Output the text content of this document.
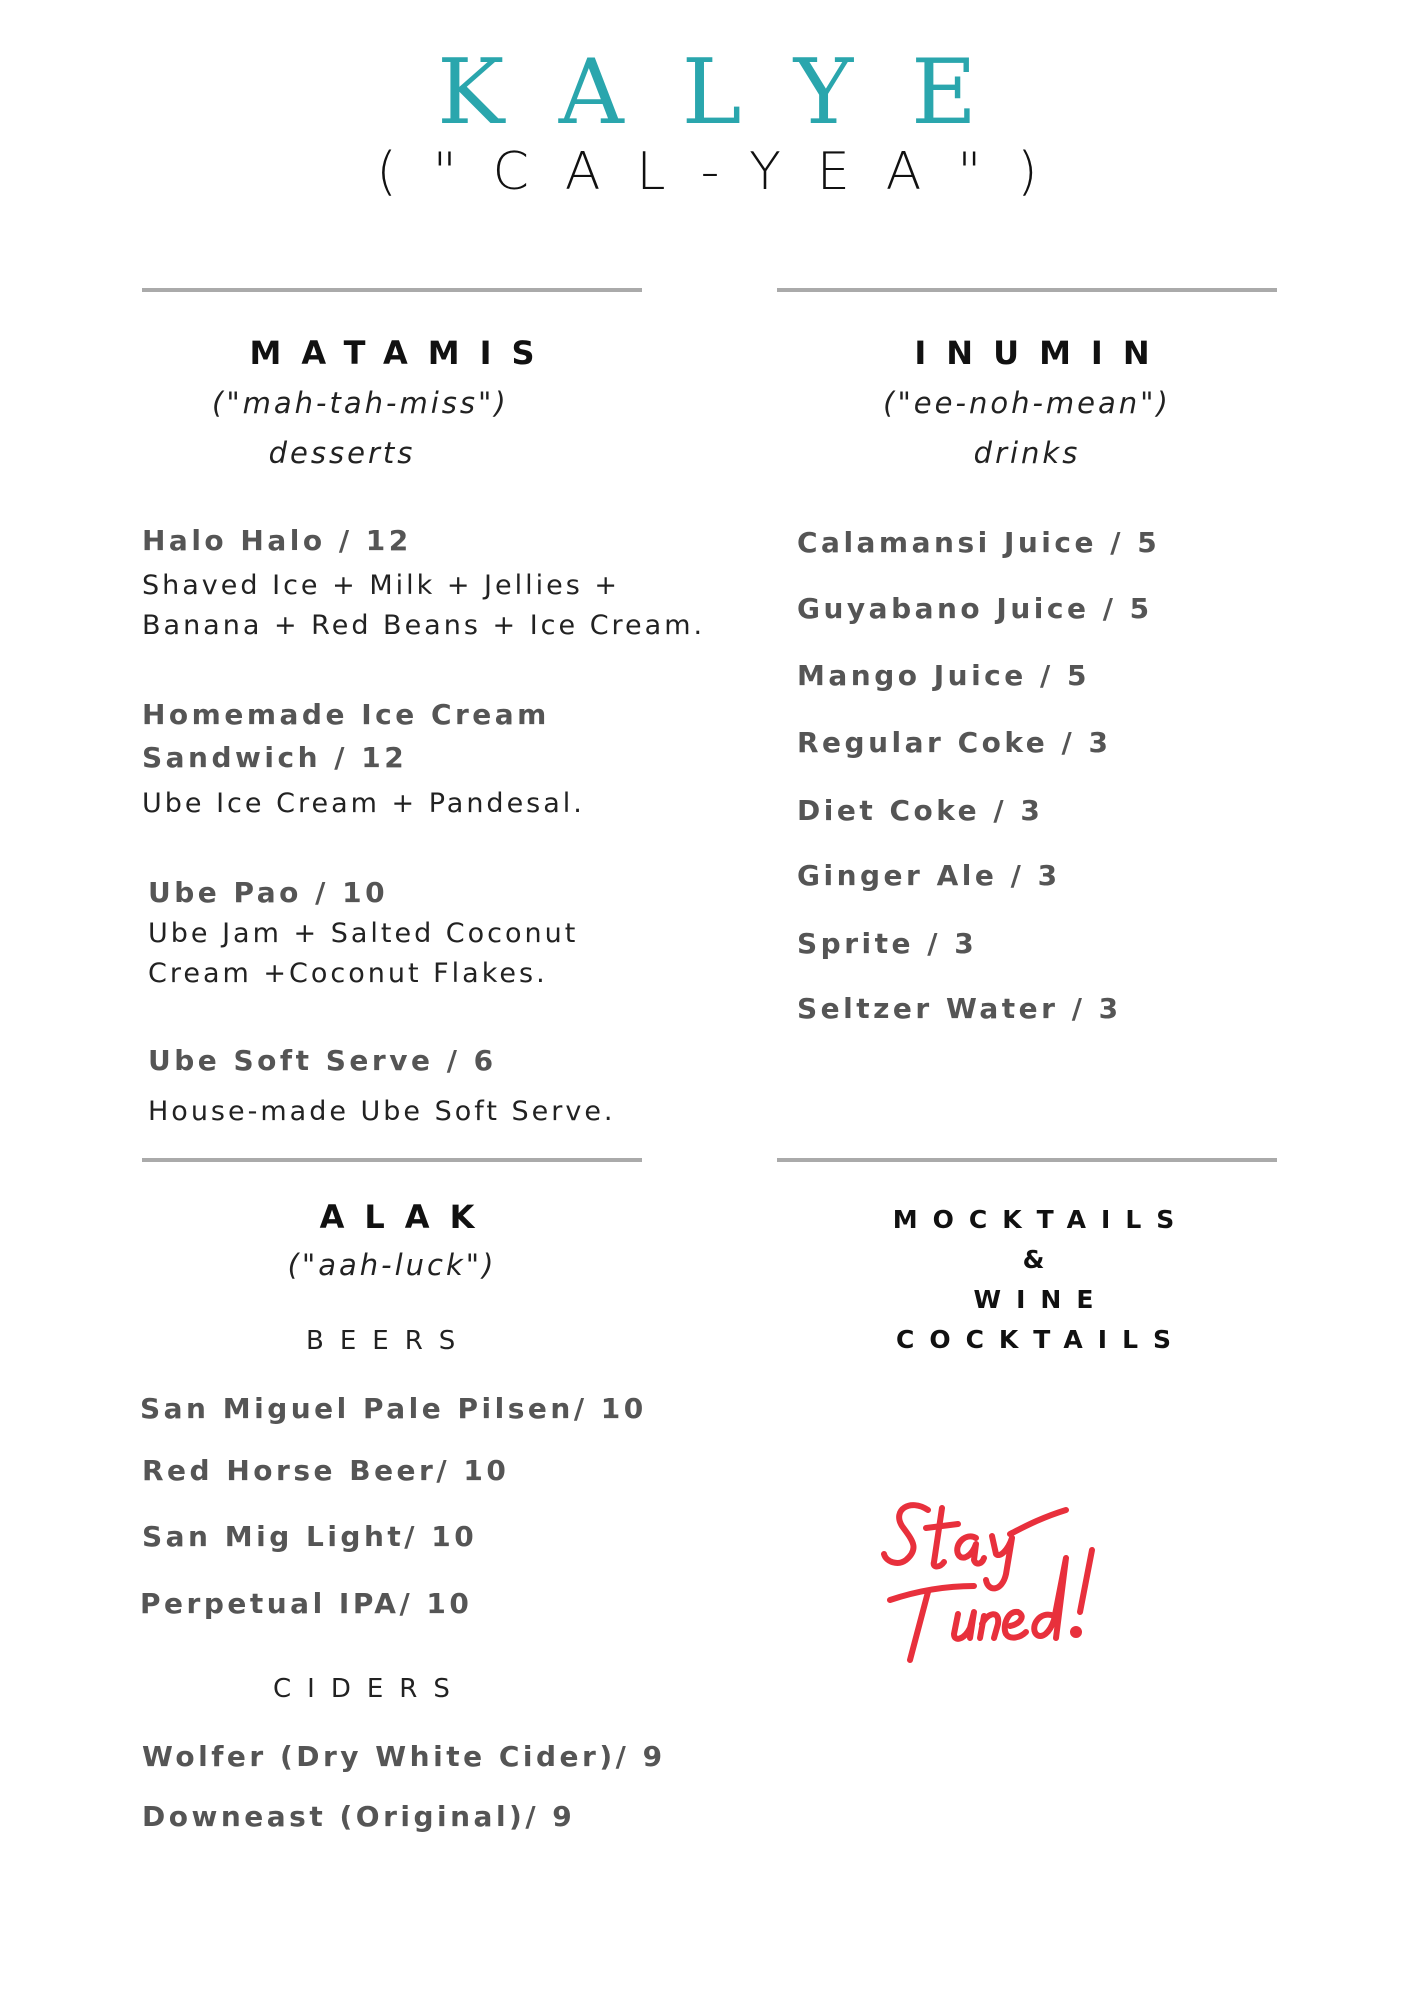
KALYE
("CAL-YEA")
MATAMIS
("mah-tah-miss")
desserts
Halo Halo / 12
Shaved Ice + Milk + Jellies +
Banana + Red Beans + Ice Cream.
Homemade Ice Cream
Sandwich / 12
Ube Ice Cream + Pandesal.
Ube Pao / 10
Ube Jam + Salted Coconut
Cream +Coconut Flakes.
Ube Soft Serve / 6
House-made Ube Soft Serve.
INUMIN
("ee-noh-mean")
drinks
Calamansi Juice / 5
Guyabano Juice / 5
Mango Juice / 5
Regular Coke / 3
Diet Coke / 3
Ginger Ale / 3
Sprite / 3
Seltzer Water / 3
ALAK
("aah-luck")
BEERS
San Miguel Pale Pilsen/ 10
Red Horse Beer/ 10
San Mig Light/ 10
Perpetual IPA/ 10
CIDERS
Wolfer (Dry White Cider)/ 9
Downeast (Original)/ 9
MOCKTAILS
&
WINE
COCKTAILS
Stay Tuned!
